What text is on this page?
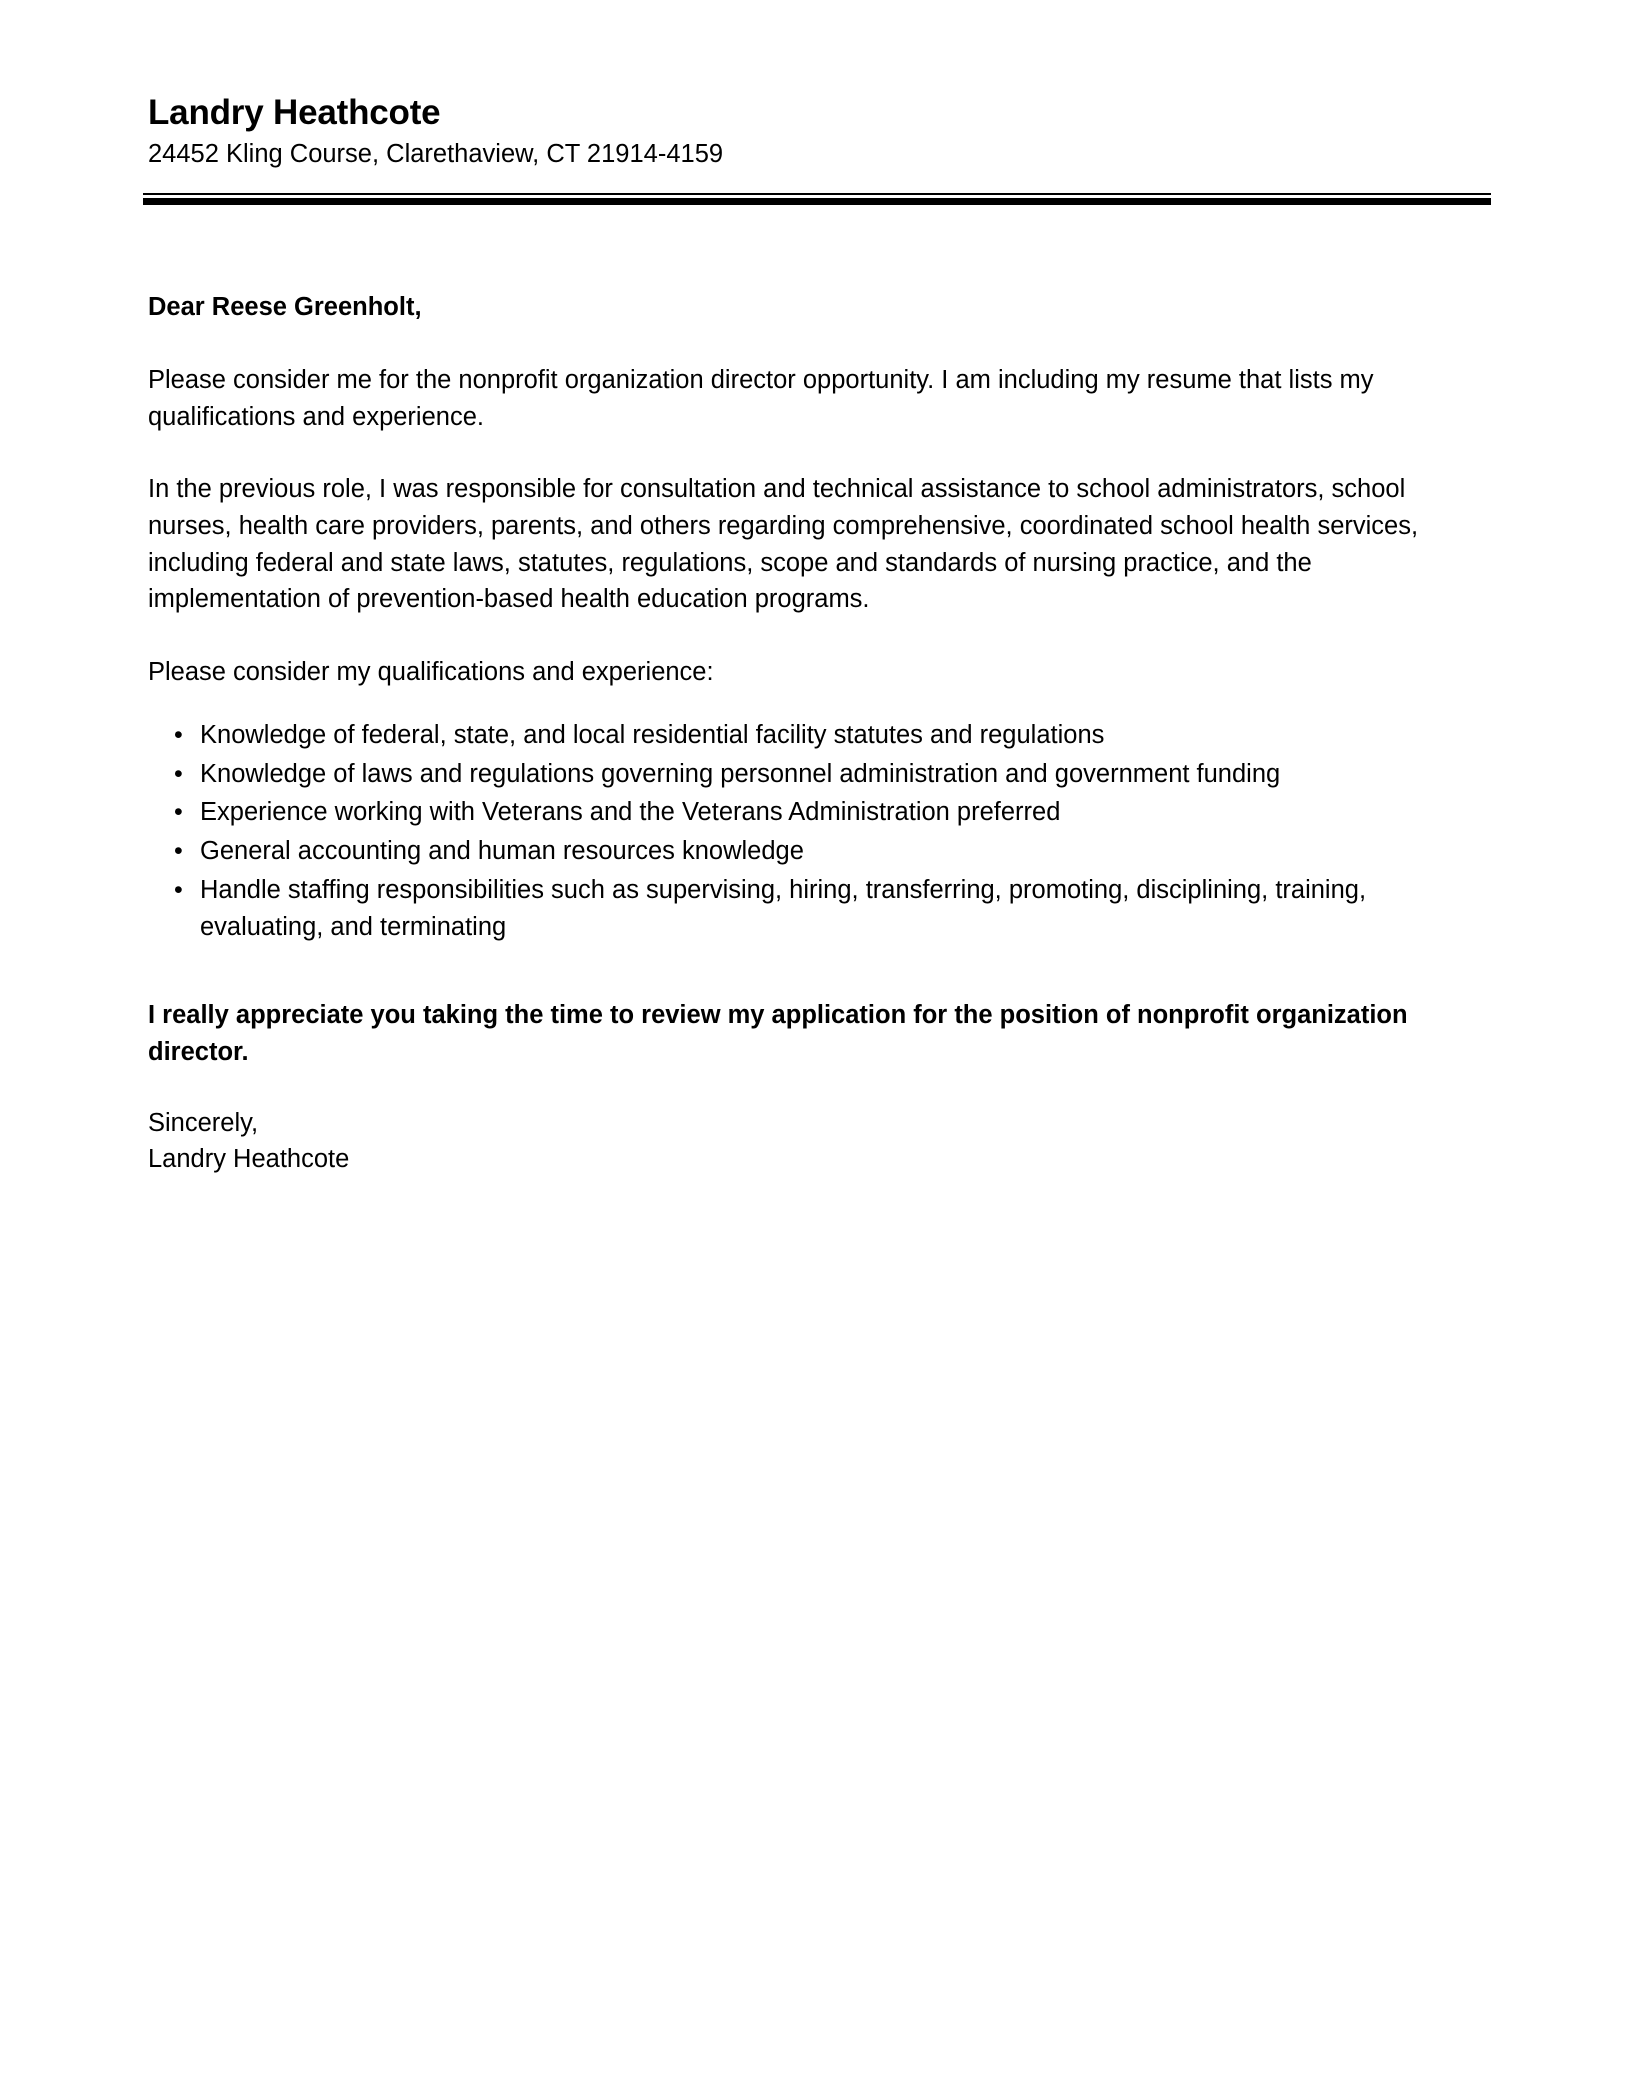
Landry Heathcote
24452 Kling Course, Clarethaview, CT 21914-4159

Dear Reese Greenholt,

Please consider me for the nonprofit organization director opportunity. I am including my resume that lists my qualifications and experience.

In the previous role, I was responsible for consultation and technical assistance to school administrators, school nurses, health care providers, parents, and others regarding comprehensive, coordinated school health services, including federal and state laws, statutes, regulations, scope and standards of nursing practice, and the implementation of prevention-based health education programs.

Please consider my qualifications and experience:

• Knowledge of federal, state, and local residential facility statutes and regulations
• Knowledge of laws and regulations governing personnel administration and government funding
• Experience working with Veterans and the Veterans Administration preferred
• General accounting and human resources knowledge
• Handle staffing responsibilities such as supervising, hiring, transferring, promoting, disciplining, training, evaluating, and terminating

I really appreciate you taking the time to review my application for the position of nonprofit organization director.

Sincerely,

Landry Heathcote
